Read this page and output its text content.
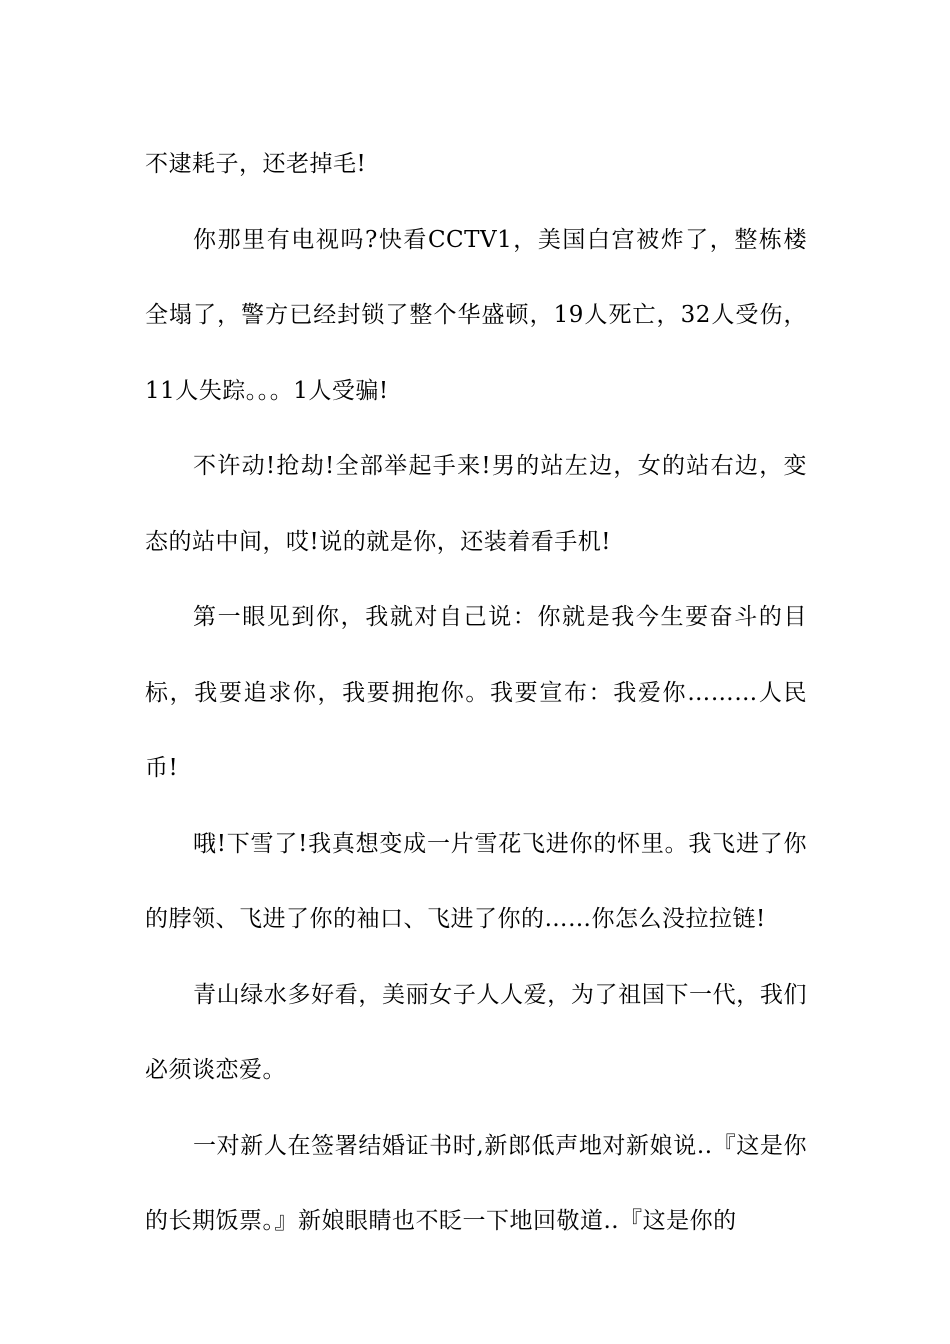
不逮耗子，还老掉毛!

你那里有电视吗?快看CCTV1，美国白宫被炸了，整栋楼全塌了，警方已经封锁了整个华盛顿，19人死亡，32人受伤，11人失踪。。。1人受骗!

不许动!抢劫!全部举起手来!男的站左边，女的站右边，变态的站中间，哎!说的就是你，还装着看手机!

第一眼见到你，我就对自己说：你就是我今生要奋斗的目标，我要追求你，我要拥抱你。我要宣布：我爱你………人民币!

哦!下雪了!我真想变成一片雪花飞进你的怀里。我飞进了你的脖领、飞进了你的袖口、飞进了你的……你怎么没拉拉链!

青山绿水多好看，美丽女子人人爱，为了祖国下一代，我们必须谈恋爱。

一对新人在签署结婚证书时,新郎低声地对新娘说..『这是你的长期饭票。』新娘眼睛也不眨一下地回敬道..『这是你的
